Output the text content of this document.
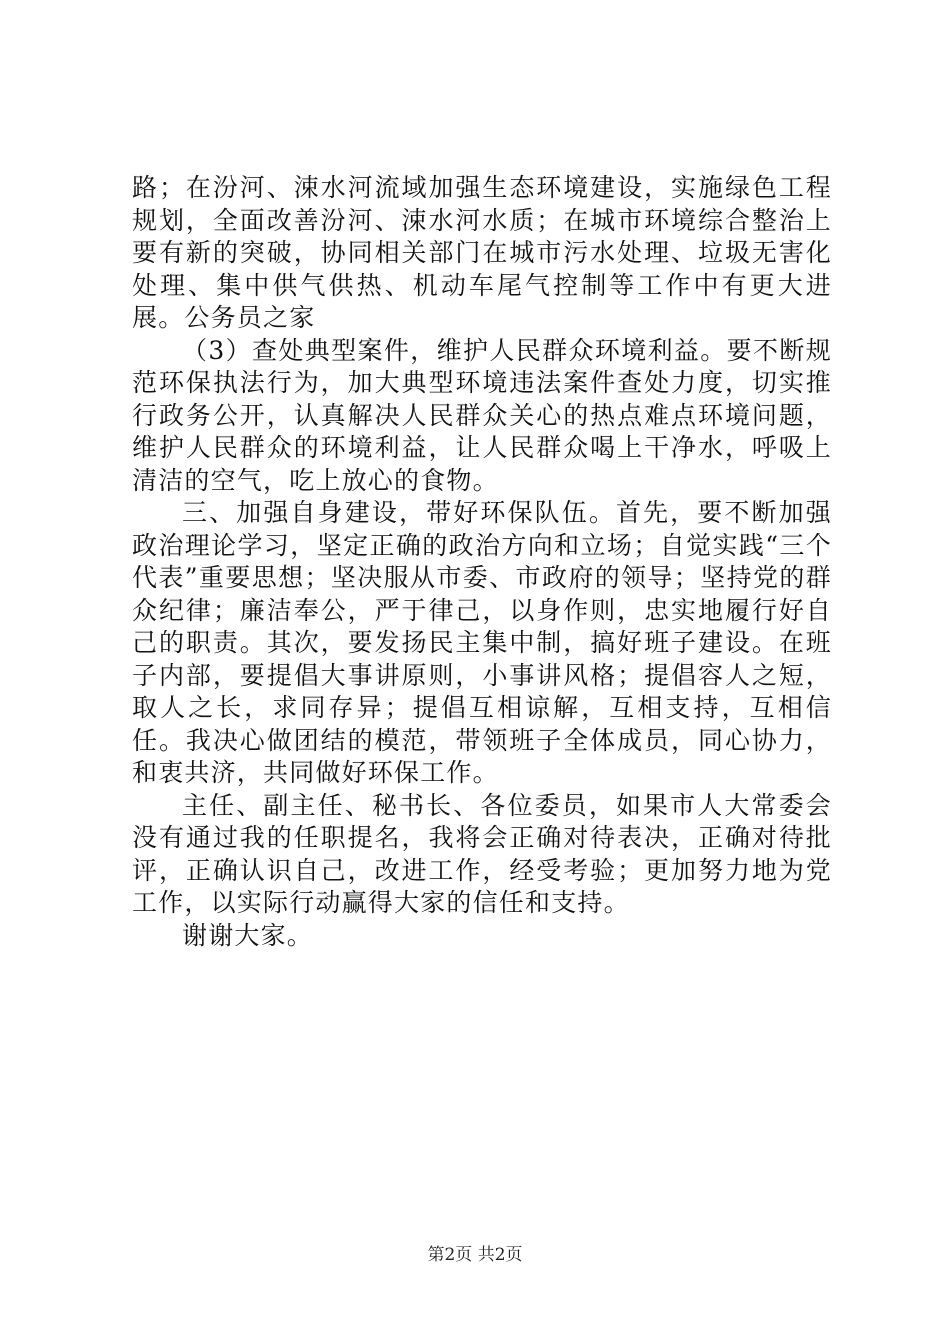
路；在汾河、涑水河流域加强生态环境建设，实施绿色工程规划，全面改善汾河、涑水河水质；在城市环境综合整治上要有新的突破，协同相关部门在城市污水处理、垃圾无害化处理、集中供气供热、机动车尾气控制等工作中有更大进展。公务员之家

（3）查处典型案件，维护人民群众环境利益。要不断规范环保执法行为，加大典型环境违法案件查处力度，切实推行政务公开，认真解决人民群众关心的热点难点环境问题，维护人民群众的环境利益，让人民群众喝上干净水，呼吸上清洁的空气，吃上放心的食物。

三、加强自身建设，带好环保队伍。首先，要不断加强政治理论学习，坚定正确的政治方向和立场；自觉实践“三个代表”重要思想；坚决服从市委、市政府的领导；坚持党的群众纪律；廉洁奉公，严于律己，以身作则，忠实地履行好自己的职责。其次，要发扬民主集中制，搞好班子建设。在班子内部，要提倡大事讲原则，小事讲风格；提倡容人之短，取人之长，求同存异；提倡互相谅解，互相支持，互相信任。我决心做团结的模范，带领班子全体成员，同心协力，和衷共济，共同做好环保工作。

主任、副主任、秘书长、各位委员，如果市人大常委会没有通过我的任职提名，我将会正确对待表决，正确对待批评，正确认识自己，改进工作，经受考验；更加努力地为党工作，以实际行动赢得大家的信任和支持。

谢谢大家。

第2页 共2页
